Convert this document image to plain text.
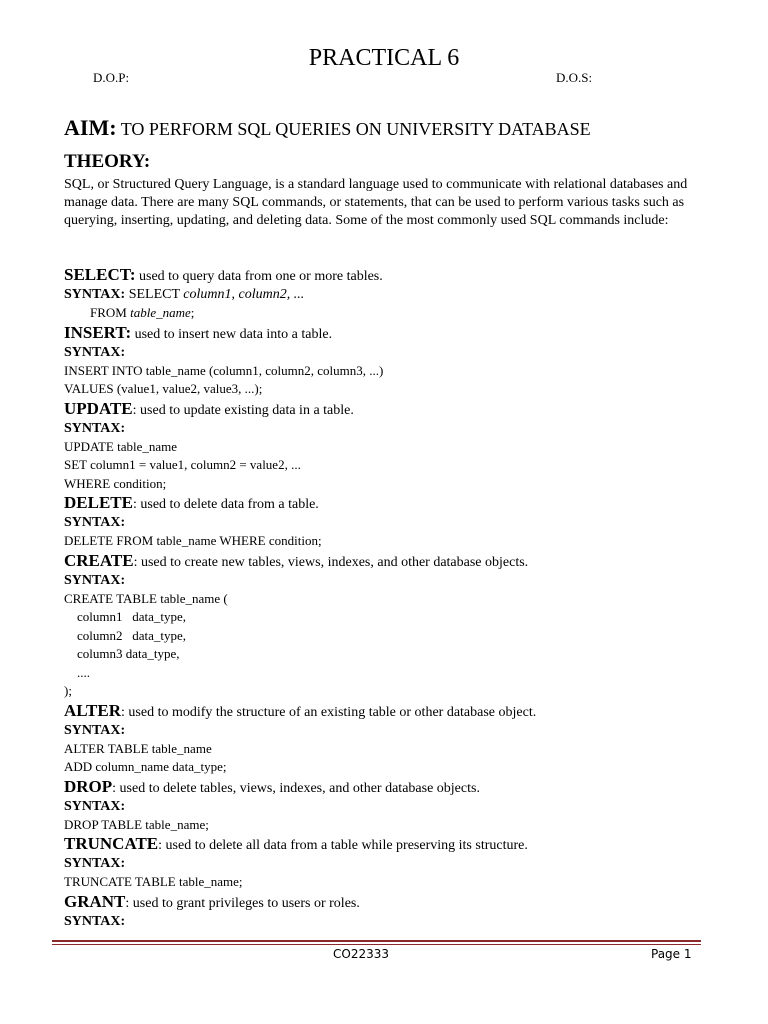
PRACTICAL 6
D.O.P:	D.O.S:
AIM: TO PERFORM SQL QUERIES ON UNIVERSITY DATABASE
THEORY:

SQL, or Structured Query Language, is a standard language used to communicate with relational databases and manage data. There are many SQL commands, or statements, that can be used to perform various tasks such as querying, inserting, updating, and deleting data. Some of the most commonly used SQL commands include:

SELECT: used to query data from one or more tables.
SYNTAX: SELECT column1, column2, ...
FROM table_name;
INSERT: used to insert new data into a table.
SYNTAX:
INSERT INTO table_name (column1, column2, column3, ...)
VALUES (value1, value2, value3, ...);
UPDATE: used to update existing data in a table.
SYNTAX:
UPDATE table_name
SET column1 = value1, column2 = value2, ...
WHERE condition;
DELETE: used to delete data from a table.
SYNTAX:
DELETE FROM table_name WHERE condition;
CREATE: used to create new tables, views, indexes, and other database objects.
SYNTAX:
CREATE TABLE table_name (
column1   data_type,
column2   data_type,
column3 data_type,
....
);
ALTER: used to modify the structure of an existing table or other database object.
SYNTAX:
ALTER TABLE table_name
ADD column_name data_type;
DROP: used to delete tables, views, indexes, and other database objects.
SYNTAX:
DROP TABLE table_name;
TRUNCATE: used to delete all data from a table while preserving its structure.
SYNTAX:
TRUNCATE TABLE table_name;
GRANT: used to grant privileges to users or roles.
SYNTAX:
CO22333	Page 1
